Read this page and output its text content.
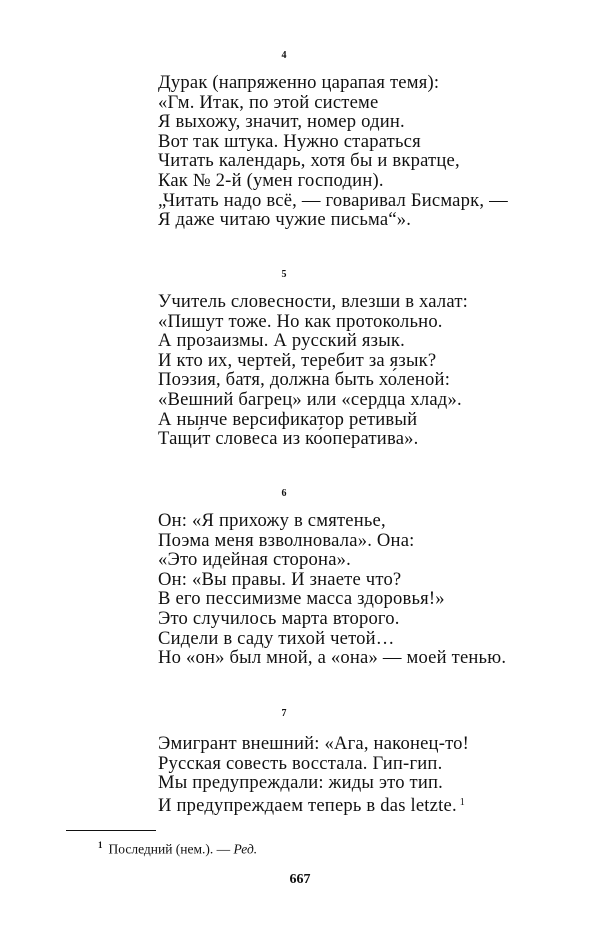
4
Дурак (напряженно царапая темя):
«Гм. Итак, по этой системе
Я выхожу, значит, номер один.
Вот так штука. Нужно стараться
Читать календарь, хотя бы и вкратце,
Как № 2-й (умен господин).
„Читать надо всё, — говаривал Бисмарк, —
Я даже читаю чужие письма“».
5
Учитель словесности, влезши в халат:
«Пишут тоже. Но как протокольно.
А прозаизмы. А русский язык.
И кто их, чертей, теребит за язык?
Поэзия, батя, должна быть хо́леной:
«Вешний багрец» или «сердца хлад».
А нынче версификатор ретивый
Тащи́т словеса из ко́оператива».
6
Он: «Я прихожу в смятенье,
Поэма меня взволновала». Она:
«Это идейная сторона».
Он: «Вы правы. И знаете что?
В его пессимизме масса здоровья!»
Это случилось марта второго.
Сидели в саду тихой четой…
Но «он» был мной, а «она» — моей тенью.
7
Эмигрант внешний: «Ага, наконец-то!
Русская совесть восстала. Гип-гип.
Мы предупреждали: жиды это тип.
И предупреждаем теперь в das letzte. $^1$
$^1$ Последний (нем.). — Ред.
667
